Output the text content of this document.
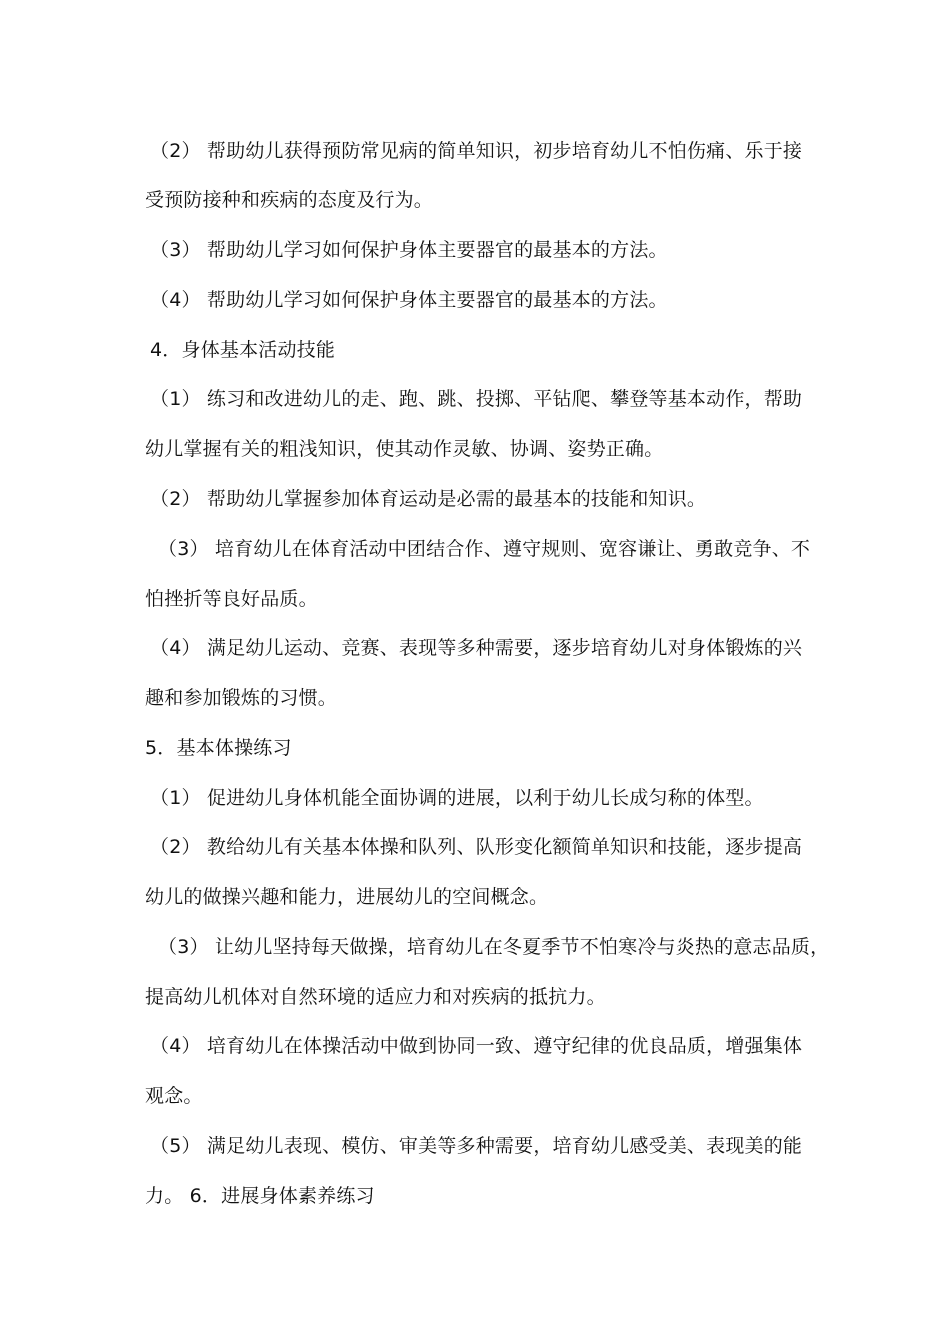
（2） 帮助幼儿获得预防常见病的简单知识，初步培育幼儿不怕伤痛、乐于接
受预防接种和疾病的态度及行为。
（3） 帮助幼儿学习如何保护身体主要器官的最基本的方法。
（4） 帮助幼儿学习如何保护身体主要器官的最基本的方法。
4．身体基本活动技能
（1） 练习和改进幼儿的走、跑、跳、投掷、平钻爬、攀登等基本动作，帮助
幼儿掌握有关的粗浅知识，使其动作灵敏、协调、姿势正确。
（2） 帮助幼儿掌握参加体育运动是必需的最基本的技能和知识。
（3） 培育幼儿在体育活动中团结合作、遵守规则、宽容谦让、勇敢竞争、不
怕挫折等良好品质。
（4） 满足幼儿运动、竞赛、表现等多种需要，逐步培育幼儿对身体锻炼的兴
趣和参加锻炼的习惯。
5．基本体操练习
（1） 促进幼儿身体机能全面协调的进展，以利于幼儿长成匀称的体型。
（2） 教给幼儿有关基本体操和队列、队形变化额简单知识和技能，逐步提高
幼儿的做操兴趣和能力，进展幼儿的空间概念。
（3） 让幼儿坚持每天做操，培育幼儿在冬夏季节不怕寒冷与炎热的意志品质，
提高幼儿机体对自然环境的适应力和对疾病的抵抗力。
（4） 培育幼儿在体操活动中做到协同一致、遵守纪律的优良品质，增强集体
观念。
（5） 满足幼儿表现、模仿、审美等多种需要，培育幼儿感受美、表现美的能
力。 6．进展身体素养练习
